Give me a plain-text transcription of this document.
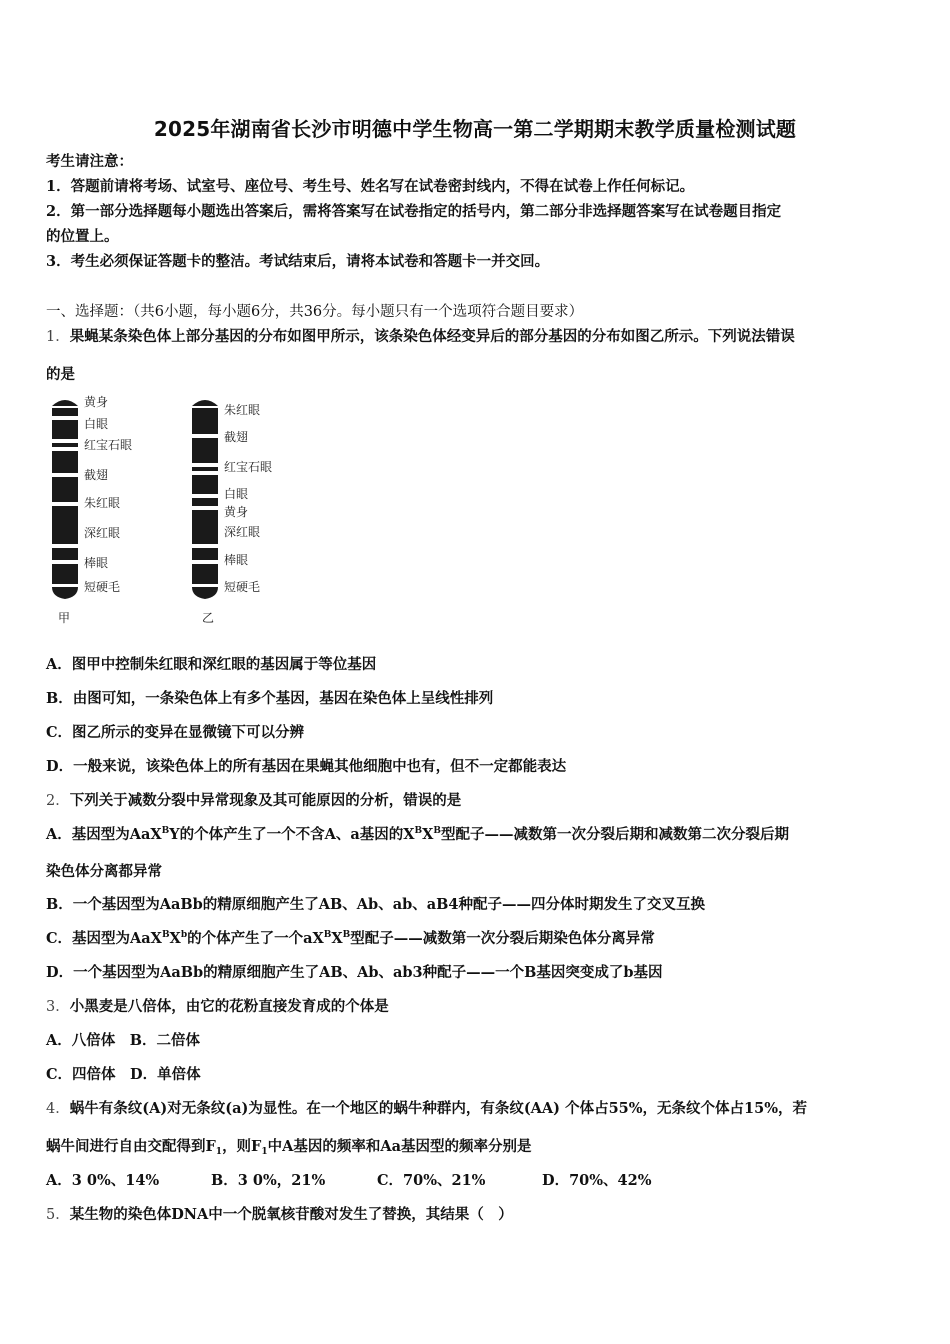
2025年湖南省长沙市明德中学生物高一第二学期期末教学质量检测试题
考生请注意：
1．答题前请将考场、试室号、座位号、考生号、姓名写在试卷密封线内，不得在试卷上作任何标记。
2．第一部分选择题每小题选出答案后，需将答案写在试卷指定的括号内，第二部分非选择题答案写在试卷题目指定
的位置上。
3．考生必须保证答题卡的整洁。考试结束后，请将本试卷和答题卡一并交回。
一、选择题：（共6小题，每小题6分，共36分。每小题只有一个选项符合题目要求）
1．果蝇某条染色体上部分基因的分布如图甲所示，该条染色体经变异后的部分基因的分布如图乙所示。下列说法错误
的是
黄身
白眼
红宝石眼
截翅
朱红眼
深红眼
棒眼
短硬毛
甲
朱红眼
截翅
红宝石眼
白眼
黄身
深红眼
棒眼
短硬毛
乙
A．图甲中控制朱红眼和深红眼的基因属于等位基因
B．由图可知，一条染色体上有多个基因，基因在染色体上呈线性排列
C．图乙所示的变异在显微镜下可以分辨
D．一般来说，该染色体上的所有基因在果蝇其他细胞中也有，但不一定都能表达
2．下列关于减数分裂中异常现象及其可能原因的分析，错误的是
A．基因型为AaX$^B$Y的个体产生了一个不含A、a基因的$X^BX^B$型配子——减数第一次分裂后期和减数第二次分裂后期
染色体分离都异常
B．一个基因型为AaBb的精原细胞产生了AB、Ab、ab、aB4种配子——四分体时期发生了交叉互换
C．基因型为$AaX^BX^b$的个体产生了一个$aX^BX^B$型配子——减数第一次分裂后期染色体分离异常
D．一个基因型为AaBb的精原细胞产生了AB、Ab、ab3种配子——一个B基因突变成了b基因
3．小黑麦是八倍体，由它的花粉直接发育成的个体是
A．八倍体　B．二倍体
C．四倍体　D．单倍体
4．蜗牛有条纹(A)对无条纹(a)为显性。在一个地区的蜗牛种群内，有条纹(AA) 个体占55%，无条纹个体占15%，若
蜗牛间进行自由交配得到$F_1$，则$F_1$中A基因的频率和Aa基因型的频率分别是
A．3 0%、14%	B．3 0%，21%	C．70%、21%	D．70%、42%
5．某生物的染色体DNA中一个脱氧核苷酸对发生了替换，其结果（　）
